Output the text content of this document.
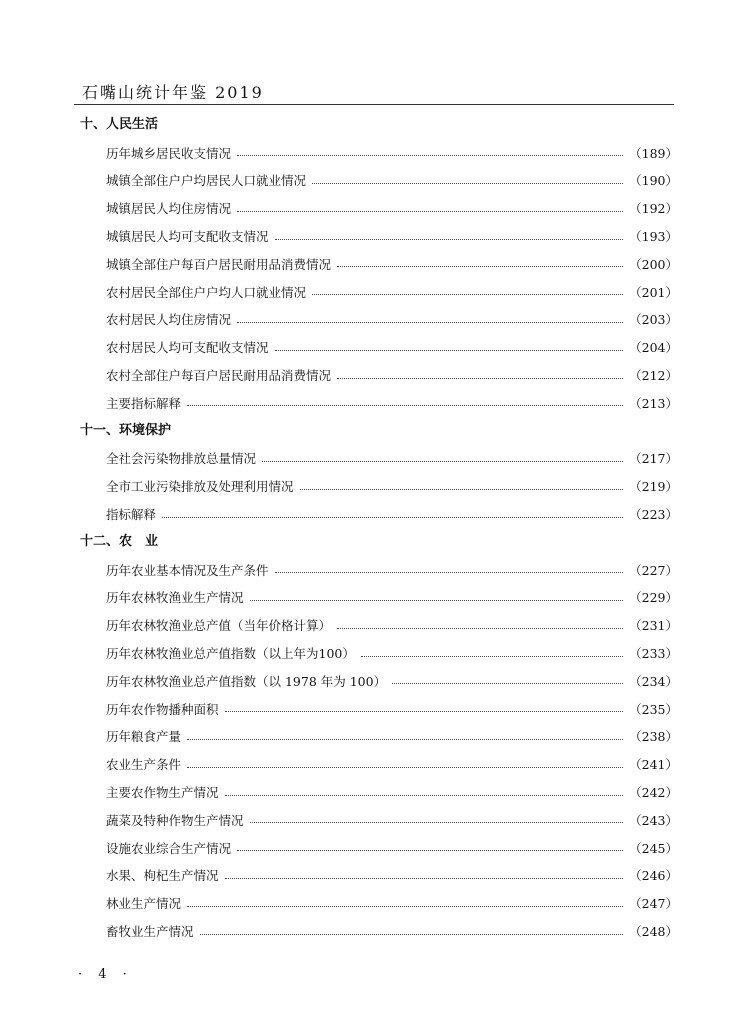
石嘴山统计年鉴 2019
十、人民生活
历年城乡居民收支情况	（189）
城镇全部住户户均居民人口就业情况	（190）
城镇居民人均住房情况	（192）
城镇居民人均可支配收支情况	（193）
城镇全部住户每百户居民耐用品消费情况	（200）
农村居民全部住户户均人口就业情况	（201）
农村居民人均住房情况	（203）
农村居民人均可支配收支情况	（204）
农村全部住户每百户居民耐用品消费情况	（212）
主要指标解释	（213）
十一、环境保护
全社会污染物排放总量情况	（217）
全市工业污染排放及处理利用情况	（219）
指标解释	（223）
十二、农　业
历年农业基本情况及生产条件	（227）
历年农林牧渔业生产情况	（229）
历年农林牧渔业总产值（当年价格计算）	（231）
历年农林牧渔业总产值指数（以上年为100）	（233）
历年农林牧渔业总产值指数（以 1978 年为 100）	（234）
历年农作物播种面积	（235）
历年粮食产量	（238）
农业生产条件	（241）
主要农作物生产情况	（242）
蔬菜及特种作物生产情况	（243）
设施农业综合生产情况	（245）
水果、枸杞生产情况	（246）
林业生产情况	（247）
畜牧业生产情况	（248）
· 4 ·
